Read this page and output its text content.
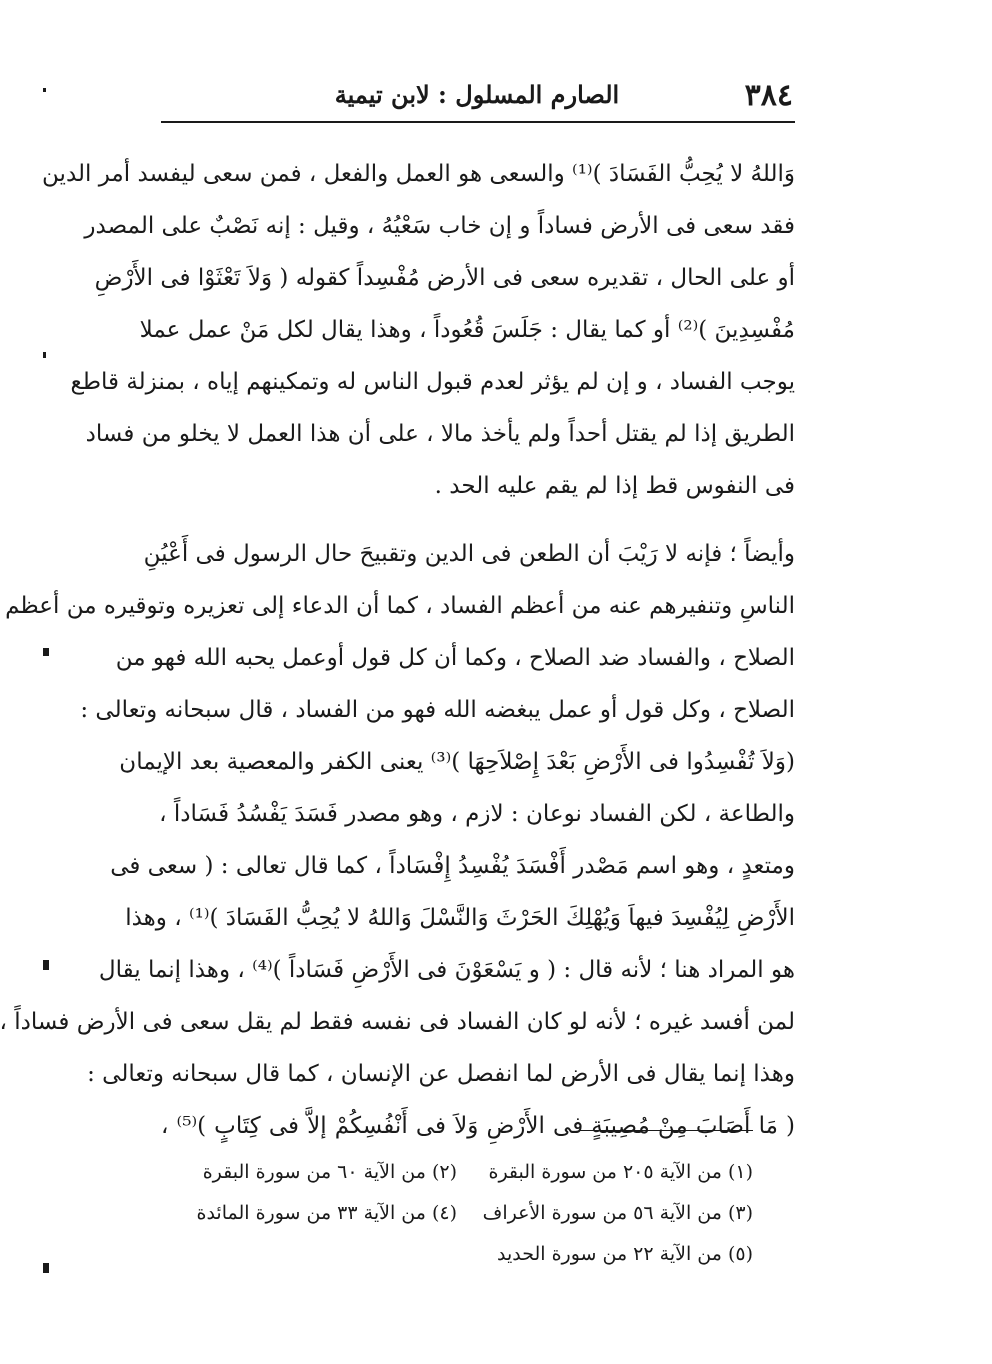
٣٨٤
الصارم المسلول : لابن تيمية
وَاللهُ لا يُحِبُّ الفَسَادَ )⁽¹⁾ والسعى هو العمل والفعل ، فمن سعى ليفسد أمر الدين
فقد سعى فى الأرض فساداً و إن خاب سَعْيُهُ ، وقيل : إنه نَصْبٌ على المصدر
أو على الحال ، تقديره سعى فى الأرض مُفْسِداً كقوله ( وَلاَ تَعْثَوْا فى الأَرْضِ
مُفْسِدِينَ )⁽²⁾ أو كما يقال : جَلَسَ قُعُوداً ، وهذا يقال لكل مَنْ عمل عملا
يوجب الفساد ، و إن لم يؤثر لعدم قبول الناس له وتمكينهم إياه ، بمنزلة قاطع
الطريق إذا لم يقتل أحداً ولم يأخذ مالا ، على أن هذا العمل لا يخلو من فساد
فى النفوس قط إذا لم يقم عليه الحد .
وأيضاً ؛ فإنه لا رَيْبَ أن الطعن فى الدين وتقبيحَ حال الرسول فى أَعْيُنِ
الناسِ وتنفيرهم عنه من أعظم الفساد ، كما أن الدعاء إلى تعزيره وتوقيره من أعظم
الصلاح ، والفساد ضد الصلاح ، وكما أن كل قول أوعمل يحبه الله فهو من
الصلاح ، وكل قول أو عمل يبغضه الله فهو من الفساد ، قال سبحانه وتعالى :
(وَلاَ تُفْسِدُوا فى الأَرْضِ بَعْدَ إِصْلاَحِهَا )⁽³⁾ يعنى الكفر والمعصية بعد الإيمان
والطاعة ، لكن الفساد نوعان : لازم ، وهو مصدر فَسَدَ يَفْسُدُ فَسَاداً ،
ومتعدٍ ، وهو اسم مَصْدر أَفْسَدَ يُفْسِدُ إِفْسَاداً ، كما قال تعالى : ( سعى فى
الأَرْضِ لِيُفْسِدَ فيهاَ وَيُهْلِكَ الحَرْثَ وَالنَّسْلَ وَاللهُ لا يُحِبُّ الفَسَادَ )⁽¹⁾ ، وهذا
هو المراد هنا ؛ لأنه قال : ( و يَسْعَوْنَ فى الأَرْضِ فَسَاداً )⁽⁴⁾ ، وهذا إنما يقال
لمن أفسد غيره ؛ لأنه لو كان الفساد فى نفسه فقط لم يقل سعى فى الأرض فساداً ،
وهذا إنما يقال فى الأرض لما انفصل عن الإنسان ، كما قال سبحانه وتعالى :
( مَا أَصَابَ مِنْ مُصِيبَةٍ فى الأَرْضِ وَلاَ فى أَنْفُسِكُمْ إلاَّ فى كِتَابٍ )⁽⁵⁾ ،
(١) من الآية ٢٠٥ من سورة البقرة
(٢) من الآية ٦٠ من سورة البقرة
(٣) من الآية ٥٦ من سورة الأعراف
(٤) من الآية ٣٣ من سورة المائدة
(٥) من الآية ٢٢ من سورة الحديد
